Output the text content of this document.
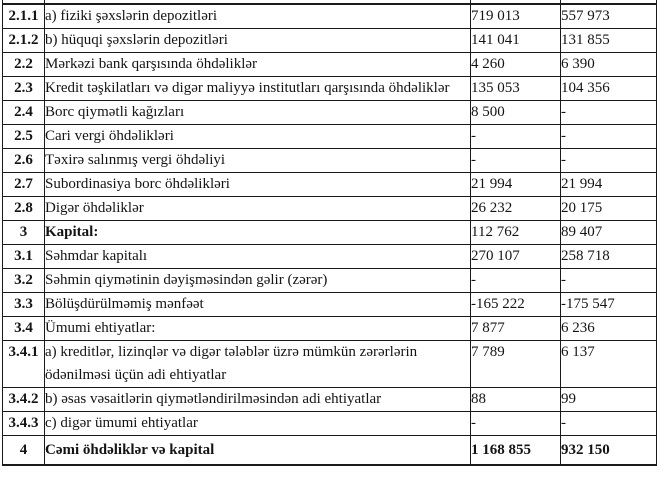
2.1.1	a) fiziki şəxslərin depozitləri	719 013	557 973
2.1.2	b) hüquqi şəxslərin depozitləri	141 041	131 855
2.2	Mərkəzi bank qarşısında öhdəliklər	4 260	6 390
2.3	Kredit təşkilatları və digər maliyyə institutları qarşısında öhdəliklər	135 053	104 356
2.4	Borc qiymətli kağızları	8 500	-
2.5	Cari vergi öhdəlikləri	-	-
2.6	Təxirə salınmış vergi öhdəliyi	-	-
2.7	Subordinasiya borc öhdəlikləri	21 994	21 994
2.8	Digər öhdəliklər	26 232	20 175
3	Kapital:	112 762	89 407
3.1	Səhmdar kapitalı	270 107	258 718
3.2	Səhmin qiymətinin dəyişməsindən gəlir (zərər)	-	-
3.3	Bölüşdürülməmiş mənfəət	-165 222	-175 547
3.4	Ümumi ehtiyatlar:	7 877	6 236
3.4.1	a) kreditlər, lizinqlər və digər tələblər üzrə mümkün zərərlərin ödənilməsi üçün adi ehtiyatlar	7 789	6 137
3.4.2	b) əsas vəsaitlərin qiymətləndirilməsindən adi ehtiyatlar	88	99
3.4.3	c) digər ümumi ehtiyatlar	-	-
4	Cəmi öhdəliklər və kapital	1 168 855	932 150
